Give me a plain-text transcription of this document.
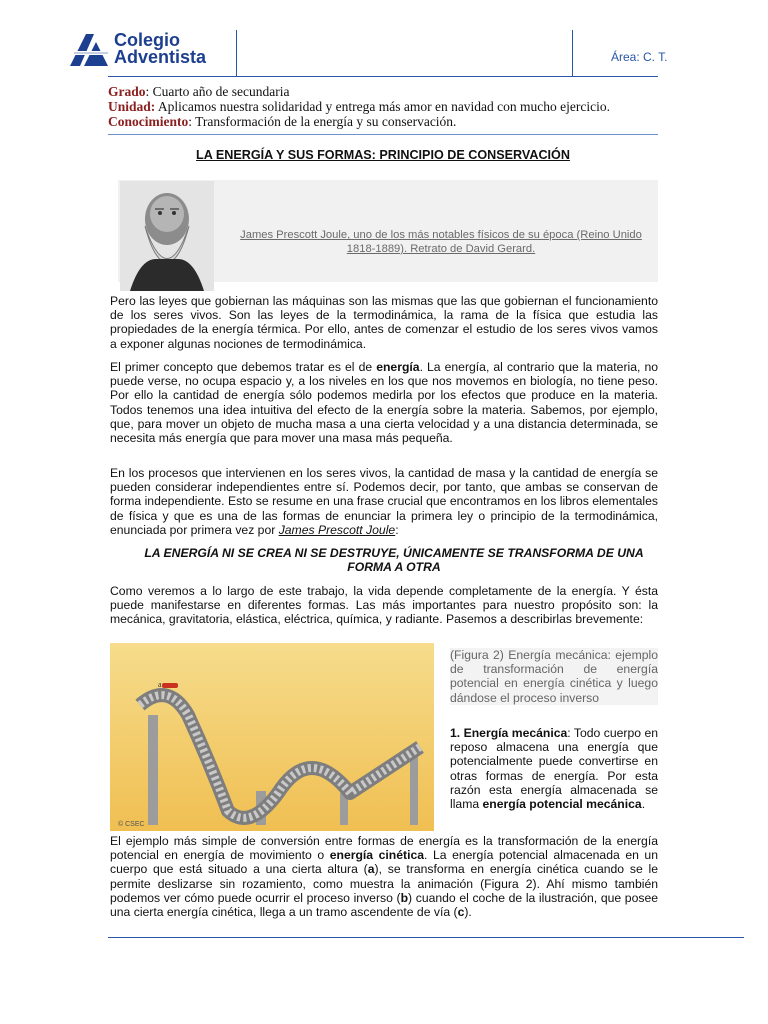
Colegio
Adventista	Área: C. T.
Grado: Cuarto año de secundaria
Unidad: Aplicamos nuestra solidaridad y entrega más amor en navidad con mucho ejercicio.
Conocimiento: Transformación de la energía y su conservación.
LA ENERGÍA Y SUS FORMAS: PRINCIPIO DE CONSERVACIÓN
James Prescott Joule, uno de los más notables físicos de su época (Reino Unido 1818-1889). Retrato de David Gerard.

Pero las leyes que gobiernan las máquinas son las mismas que las que gobiernan el funcionamiento de los seres vivos. Son las leyes de la termodinámica, la rama de la física que estudia las propiedades de la energía térmica. Por ello, antes de comenzar el estudio de los seres vivos vamos a exponer algunas nociones de termodinámica.

El primer concepto que debemos tratar es el de energía. La energía, al contrario que la materia, no puede verse, no ocupa espacio y, a los niveles en los que nos movemos en biología, no tiene peso. Por ello la cantidad de energía sólo podemos medirla por los efectos que produce en la materia. Todos tenemos una idea intuitiva del efecto de la energía sobre la materia. Sabemos, por ejemplo, que, para mover un objeto de mucha masa a una cierta velocidad y a una distancia determinada, se necesita más energía que para mover una masa más pequeña.

En los procesos que intervienen en los seres vivos, la cantidad de masa y la cantidad de energía se pueden considerar independientes entre sí. Podemos decir, por tanto, que ambas se conservan de forma independiente. Esto se resume en una frase crucial que encontramos en los libros elementales de física y que es una de las formas de enunciar la primera ley o principio de la termodinámica, enunciada por primera vez por James Prescott Joule:

LA ENERGÍA NI SE CREA NI SE DESTRUYE, ÚNICAMENTE SE TRANSFORMA DE UNA FORMA A OTRA

Como veremos a lo largo de este trabajo, la vida depende completamente de la energía. Y ésta puede manifestarse en diferentes formas. Las más importantes para nuestro propósito son: la mecánica, gravitatoria, elástica, eléctrica, química, y radiante. Pasemos a describirlas brevemente:

a
© CSEC
(Figura 2) Energía mecánica: ejemplo de transformación de energía potencial en energía cinética y luego dándose el proceso inverso

1. Energía mecánica: Todo cuerpo en reposo almacena una energía que potencialmente puede convertirse en otras formas de energía. Por esta razón esta energía almacenada se llama energía potencial mecánica.

El ejemplo más simple de conversión entre formas de energía es la transformación de la energía potencial en energía de movimiento o energía cinética. La energía potencial almacenada en un cuerpo que está situado a una cierta altura (a), se transforma en energía cinética cuando se le permite deslizarse sin rozamiento, como muestra la animación (Figura 2). Ahí mismo también podemos ver cómo puede ocurrir el proceso inverso (b) cuando el coche de la ilustración, que posee una cierta energía cinética, llega a un tramo ascendente de vía (c).
